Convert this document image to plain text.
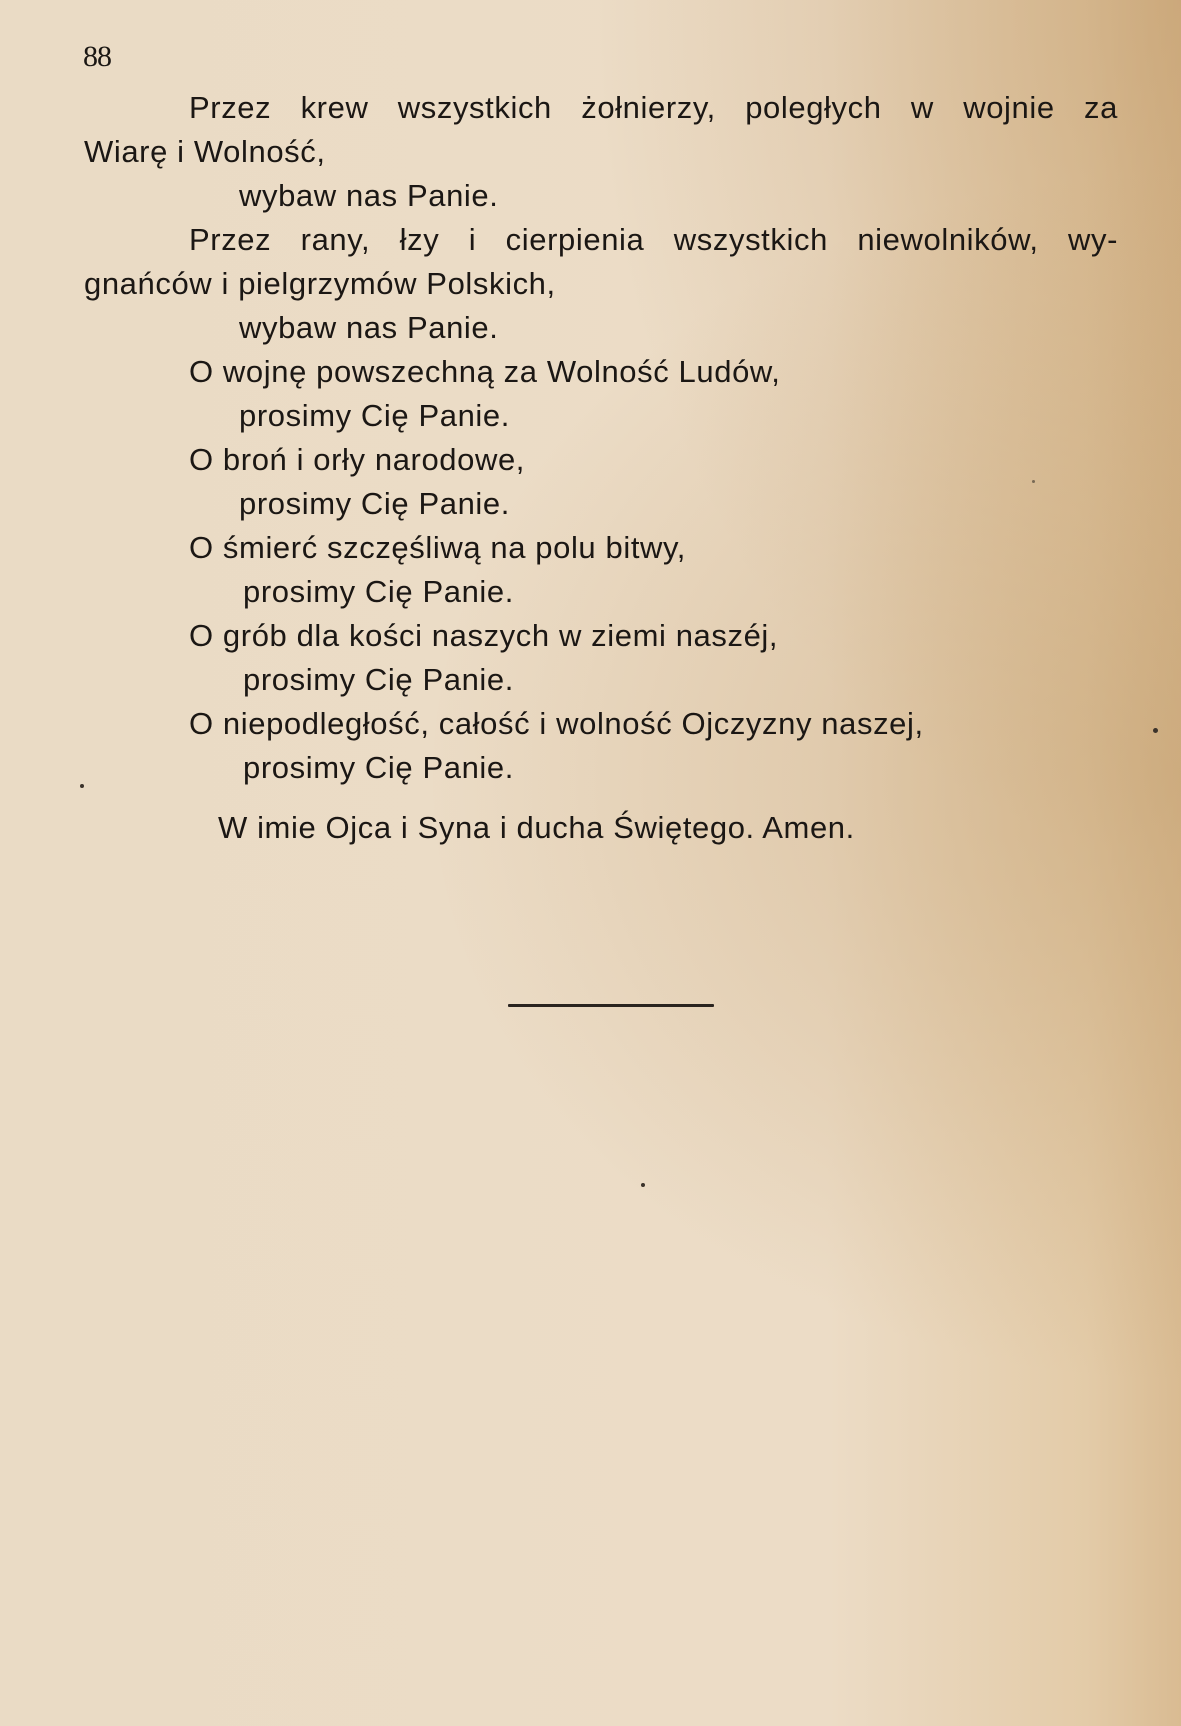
88
Przez krew wszystkich żołnierzy, poległych w wojnie za
Wiarę i Wolność,
wybaw nas Panie.
Przez rany, łzy i cierpienia wszystkich niewolników, wy-
gnańców i pielgrzymów Polskich,
wybaw nas Panie.
O wojnę powszechną za Wolność Ludów,
prosimy Cię Panie.
O broń i orły narodowe,
prosimy Cię Panie.
O śmierć szczęśliwą na polu bitwy,
prosimy Cię Panie.
O grób dla kości naszych w ziemi naszéj,
prosimy Cię Panie.
O niepodległość, całość i wolność Ojczyzny naszej,
prosimy Cię Panie.
W imie Ojca i Syna i ducha Świętego. Amen.
